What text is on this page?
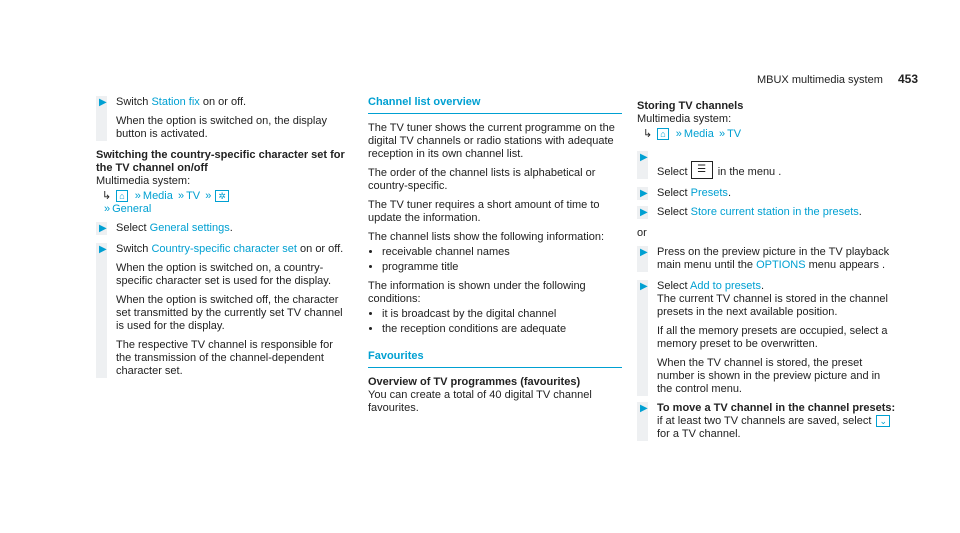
MBUX multimedia system 453
▶ Switch Station fix on or off.

When the option is switched on, the display button is activated.

Switching the country-specific character set for the TV channel on/off

Multimedia system:

↳ ⌂ » Media » TV » ✲
» General
▶ Select General settings.

▶ Switch Country-specific character set on or off.

When the option is switched on, a country-specific character set is used for the display.

When the option is switched off, the character set transmitted by the currently set TV channel is used for the display.

The respective TV channel is responsible for the transmission of the channel-dependent character set.

Channel list overview

The TV tuner shows the current programme on the digital TV channels or radio stations with adequate reception in its own channel list.

The order of the channel lists is alphabetical or country-specific.

The TV tuner requires a short amount of time to update the information.

The channel lists show the following information:

• receivable channel names
• programme title

The information is shown under the following conditions:

• it is broadcast by the digital channel
• the reception conditions are adequate
Favourites

Overview of TV programmes (favourites)

You can create a total of 40 digital TV channel favourites.

Storing TV channels

Multimedia system:

↳ ⌂ » Media » TV
▶

Select ☰ in the menu .

▶ Select Presets.

▶ Select Store current station in the presets.

or

▶ Press on the preview picture in the TV playback main menu until the OPTIONS menu appears .

▶ Select Add to presets.

The current TV channel is stored in the channel presets in the next available position.

If all the memory presets are occupied, select a memory preset to be overwritten.

When the TV channel is stored, the preset number is shown in the preview picture and in the control menu.

▶ To move a TV channel in the channel presets: if at least two TV channels are saved, select ⌄ for a TV channel.
